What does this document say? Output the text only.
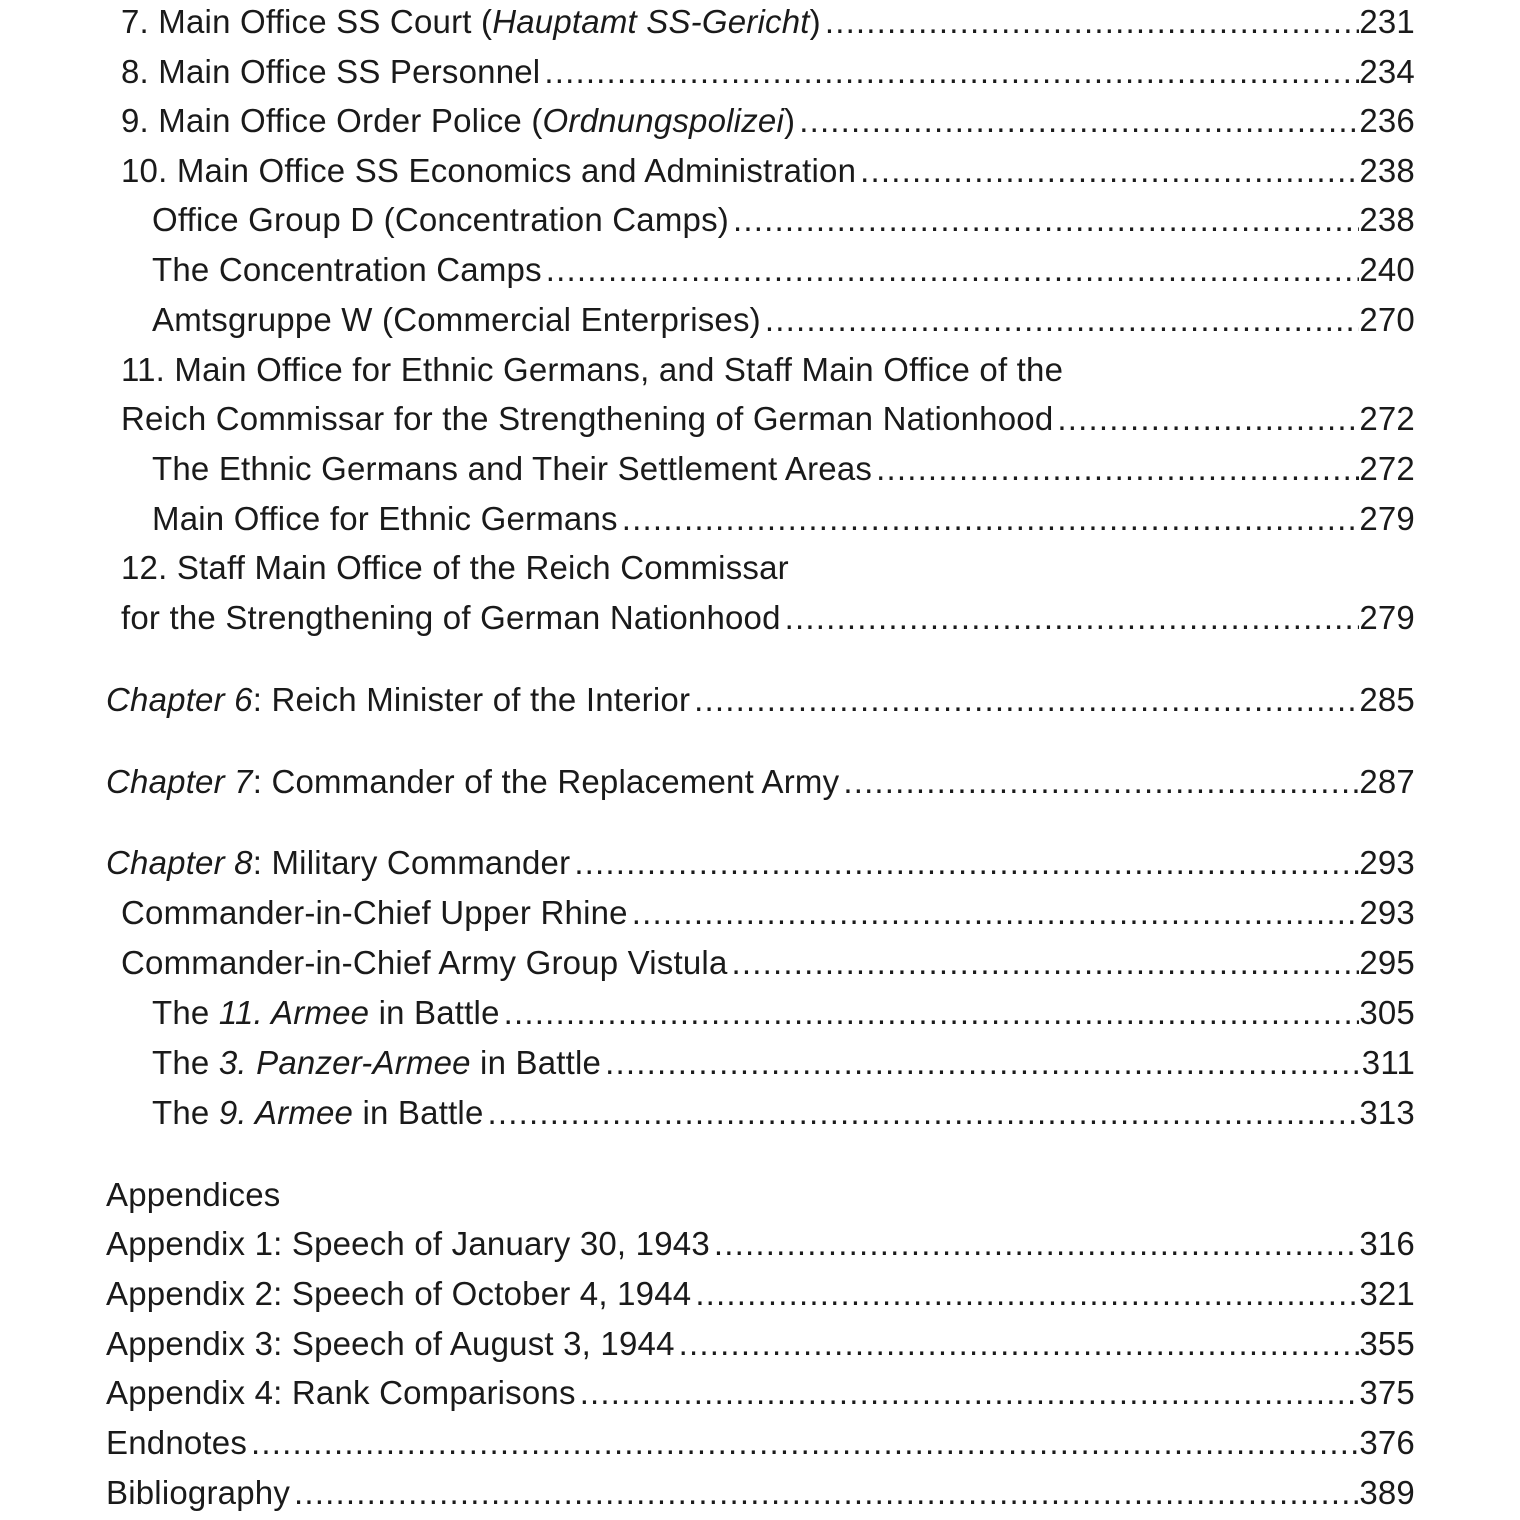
7. Main Office SS Court (Hauptamt SS-Gericht) .....	231
8. Main Office SS Personnel .....	234
9. Main Office Order Police (Ordnungspolizei) .....	236
10. Main Office SS Economics and Administration .....	238
Office Group D (Concentration Camps) .....	238
The Concentration Camps .....	240
Amtsgruppe W (Commercial Enterprises) .....	270
11. Main Office for Ethnic Germans, and Staff Main Office of the
Reich Commissar for the Strengthening of German Nationhood .....	272
The Ethnic Germans and Their Settlement Areas .....	272
Main Office for Ethnic Germans .....	279
12. Staff Main Office of the Reich Commissar
for the Strengthening of German Nationhood .....	279
Chapter 6: Reich Minister of the Interior .....	285
Chapter 7: Commander of the Replacement Army .....	287
Chapter 8: Military Commander .....	293
Commander-in-Chief Upper Rhine .....	293
Commander-in-Chief Army Group Vistula .....	295
The 11. Armee in Battle .....	305
The 3. Panzer-Armee in Battle .....	311
The 9. Armee in Battle .....	313
Appendices
Appendix 1: Speech of January 30, 1943 .....	316
Appendix 2: Speech of October 4, 1944 .....	321
Appendix 3: Speech of August 3, 1944 .....	355
Appendix 4: Rank Comparisons .....	375
Endnotes .....	376
Bibliography .....	389
